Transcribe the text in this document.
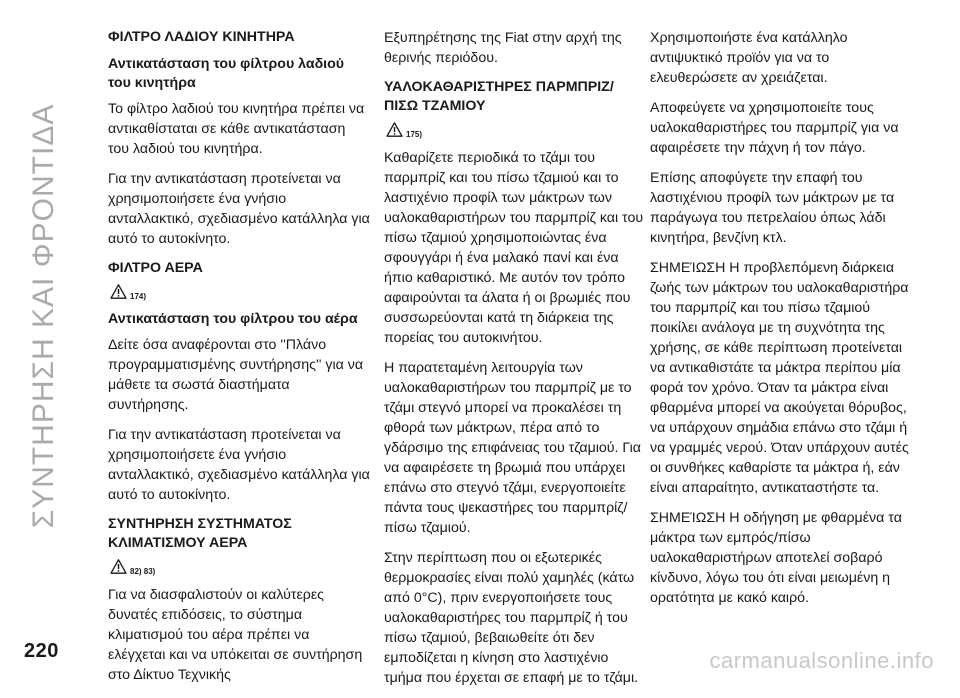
ΣΥΝΤΗΡΗΣΗ ΚΑΙ ΦΡΟΝΤΙΔΑ
ΦΙΛΤΡΟ ΛΑΔΙΟΥ ΚΙΝΗΤΗΡΑ
Αντικατάσταση του φίλτρου λαδιού του κινητήρα

Το φίλτρο λαδιού του κινητήρα πρέπει να αντικαθίσταται σε κάθε αντικατάσταση του λαδιού του κινητήρα.

Για την αντικατάσταση προτείνεται να χρησιμοποιήσετε ένα γνήσιο ανταλλακτικό, σχεδιασμένο κατάλληλα για αυτό το αυτοκίνητο.

ΦΙΛΤΡΟ ΑΕΡΑ
174)
Αντικατάσταση του φίλτρου του αέρα

Δείτε όσα αναφέρονται στο ''Πλάνο προγραμματισμένης συντήρησης'' για να μάθετε τα σωστά διαστήματα συντήρησης.

Για την αντικατάσταση προτείνεται να χρησιμοποιήσετε ένα γνήσιο ανταλλακτικό, σχεδιασμένο κατάλληλα για αυτό το αυτοκίνητο.

ΣΥΝΤΗΡΗΣΗ ΣΥΣΤΗΜΑΤΟΣ ΚΛΙΜΑΤΙΣΜΟΥ ΑΕΡΑ
82) 83)

Για να διασφαλιστούν οι καλύτερες δυνατές επιδόσεις, το σύστημα κλιματισμού του αέρα πρέπει να ελέγχεται και να υπόκειται σε συντήρηση στο Δίκτυο Τεχνικής

Εξυπηρέτησης της Fiat στην αρχή της θερινής περιόδου.

ΥΑΛΟΚΑΘΑΡΙΣΤΗΡΕΣ ΠΑΡΜΠΡΙΖ/ΠΙΣΩ ΤΖΑΜΙΟΥ
175)

Καθαρίζετε περιοδικά το τζάμι του παρμπρίζ και του πίσω τζαμιού και το λαστιχένιο προφίλ των μάκτρων των υαλοκαθαριστήρων του παρμπρίζ και του πίσω τζαμιού χρησιμοποιώντας ένα σφουγγάρι ή ένα μαλακό πανί και ένα ήπιο καθαριστικό. Με αυτόν τον τρόπο αφαιρούνται τα άλατα ή οι βρωμιές που συσσωρεύονται κατά τη διάρκεια της πορείας του αυτοκινήτου.

Η παρατεταμένη λειτουργία των υαλοκαθαριστήρων του παρμπρίζ με το τζάμι στεγνό μπορεί να προκαλέσει τη φθορά των μάκτρων, πέρα από το γδάρσιμο της επιφάνειας του τζαμιού. Για να αφαιρέσετε τη βρωμιά που υπάρχει επάνω στο στεγνό τζάμι, ενεργοποιείτε πάντα τους ψεκαστήρες του παρμπρίζ/πίσω τζαμιού.

Στην περίπτωση που οι εξωτερικές θερμοκρασίες είναι πολύ χαμηλές (κάτω από 0°C), πριν ενεργοποιήσετε τους υαλοκαθαριστήρες του παρμπρίζ ή του πίσω τζαμιού, βεβαιωθείτε ότι δεν εμποδίζεται η κίνηση στο λαστιχένιο τμήμα που έρχεται σε επαφή με το τζάμι.

Χρησιμοποιήστε ένα κατάλληλο αντιψυκτικό προϊόν για να το ελευθερώσετε αν χρειάζεται.

Αποφεύγετε να χρησιμοποιείτε τους υαλοκαθαριστήρες του παρμπρίζ για να αφαιρέσετε την πάχνη ή τον πάγο.

Επίσης αποφύγετε την επαφή του λαστιχένιου προφίλ των μάκτρων με τα παράγωγα του πετρελαίου όπως λάδι κινητήρα, βενζίνη κτλ.

ΣΗΜΕΊΩΣΗ Η προβλεπόμενη διάρκεια ζωής των μάκτρων του υαλοκαθαριστήρα του παρμπρίζ και του πίσω τζαμιού ποικίλει ανάλογα με τη συχνότητα της χρήσης, σε κάθε περίπτωση προτείνεται να αντικαθιστάτε τα μάκτρα περίπου μία φορά τον χρόνο. Όταν τα μάκτρα είναι φθαρμένα μπορεί να ακούγεται θόρυβος, να υπάρχουν σημάδια επάνω στο τζάμι ή να γραμμές νερού. Όταν υπάρχουν αυτές οι συνθήκες καθαρίστε τα μάκτρα ή, εάν είναι απαραίτητο, αντικαταστήστε τα.

ΣΗΜΕΊΩΣΗ Η οδήγηση με φθαρμένα τα μάκτρα των εμπρός/πίσω υαλοκαθαριστήρων αποτελεί σοβαρό κίνδυνο, λόγω του ότι είναι μειωμένη η ορατότητα με κακό καιρό.

220	carmanualsonline.info
